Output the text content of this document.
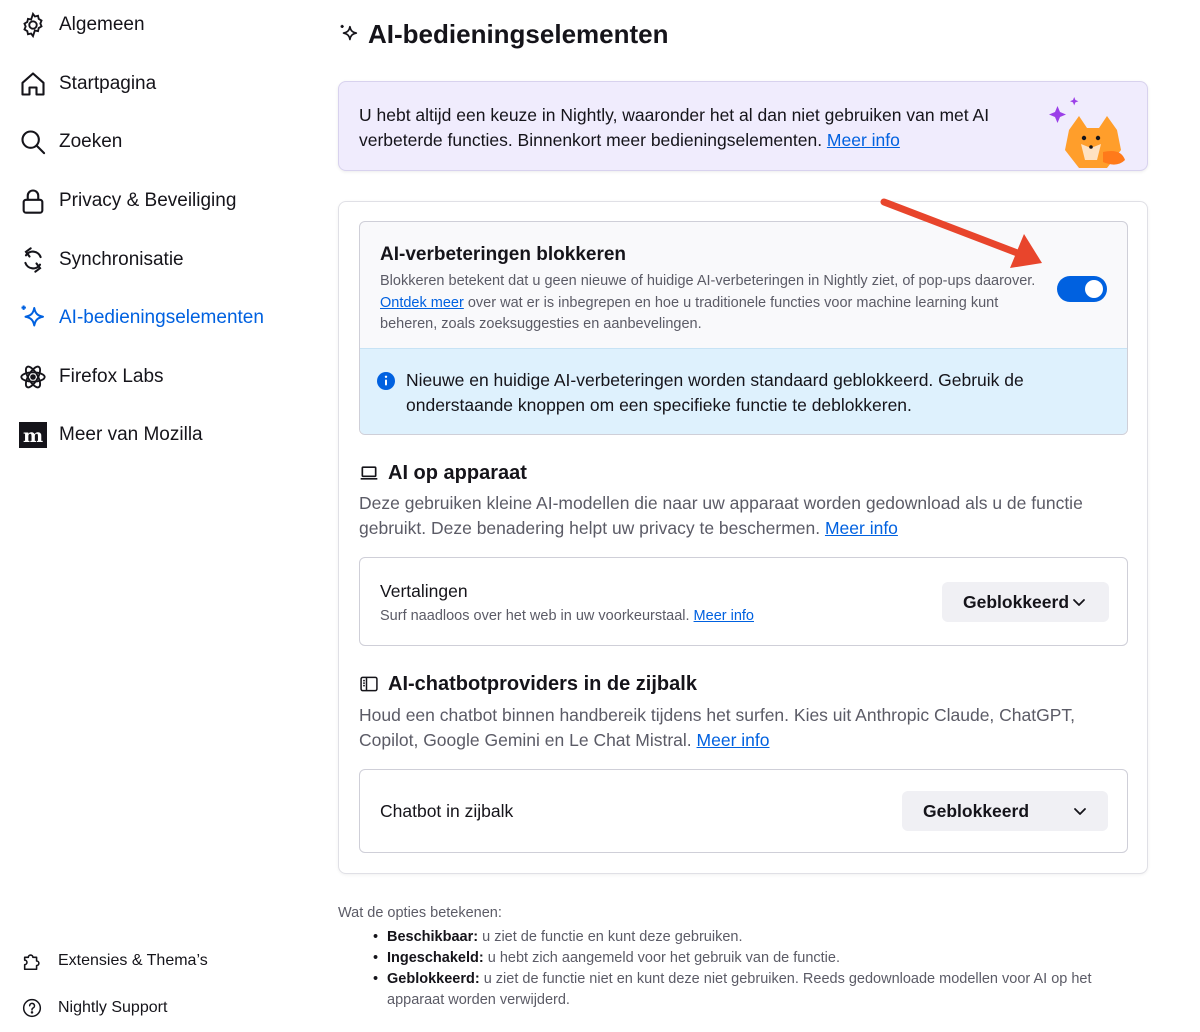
Algemeen
Startpagina
Zoeken
Privacy & Beveiliging
Synchronisatie
AI-bedieningselementen
Firefox Labs
m Meer van Mozilla
Extensies & Thema’s
Nightly Support
AI-bedieningselementen

U hebt altijd een keuze in Nightly, waaronder het al dan niet gebruiken van met AI verbeterde functies. Binnenkort meer bedieningselementen. Meer info

AI-verbeteringen blokkeren

Blokkeren betekent dat u geen nieuwe of huidige AI-verbeteringen in Nightly ziet, of pop-ups daarover. Ontdek meer over wat er is inbegrepen en hoe u traditionele functies voor machine learning kunt beheren, zoals zoeksuggesties en aanbevelingen.

Nieuwe en huidige AI-verbeteringen worden standaard geblokkeerd. Gebruik de onderstaande knoppen om een specifieke functie te deblokkeren.

AI op apparaat

Deze gebruiken kleine AI-modellen die naar uw apparaat worden gedownload als u de functie gebruikt. Deze benadering helpt uw privacy te beschermen. Meer info

Vertalingen
Surf naadloos over het web in uw voorkeurstaal. Meer info
Geblokkeerd
AI-chatbotproviders in de zijbalk

Houd een chatbot binnen handbereik tijdens het surfen. Kies uit Anthropic Claude, ChatGPT, Copilot, Google Gemini en Le Chat Mistral. Meer info

Chatbot in zijbalk	Geblokkeerd

Wat de opties betekenen:

• Beschikbaar: u ziet de functie en kunt deze gebruiken.
• Ingeschakeld: u hebt zich aangemeld voor het gebruik van de functie.
• Geblokkeerd: u ziet de functie niet en kunt deze niet gebruiken. Reeds gedownloade modellen voor AI op het apparaat worden verwijderd.
